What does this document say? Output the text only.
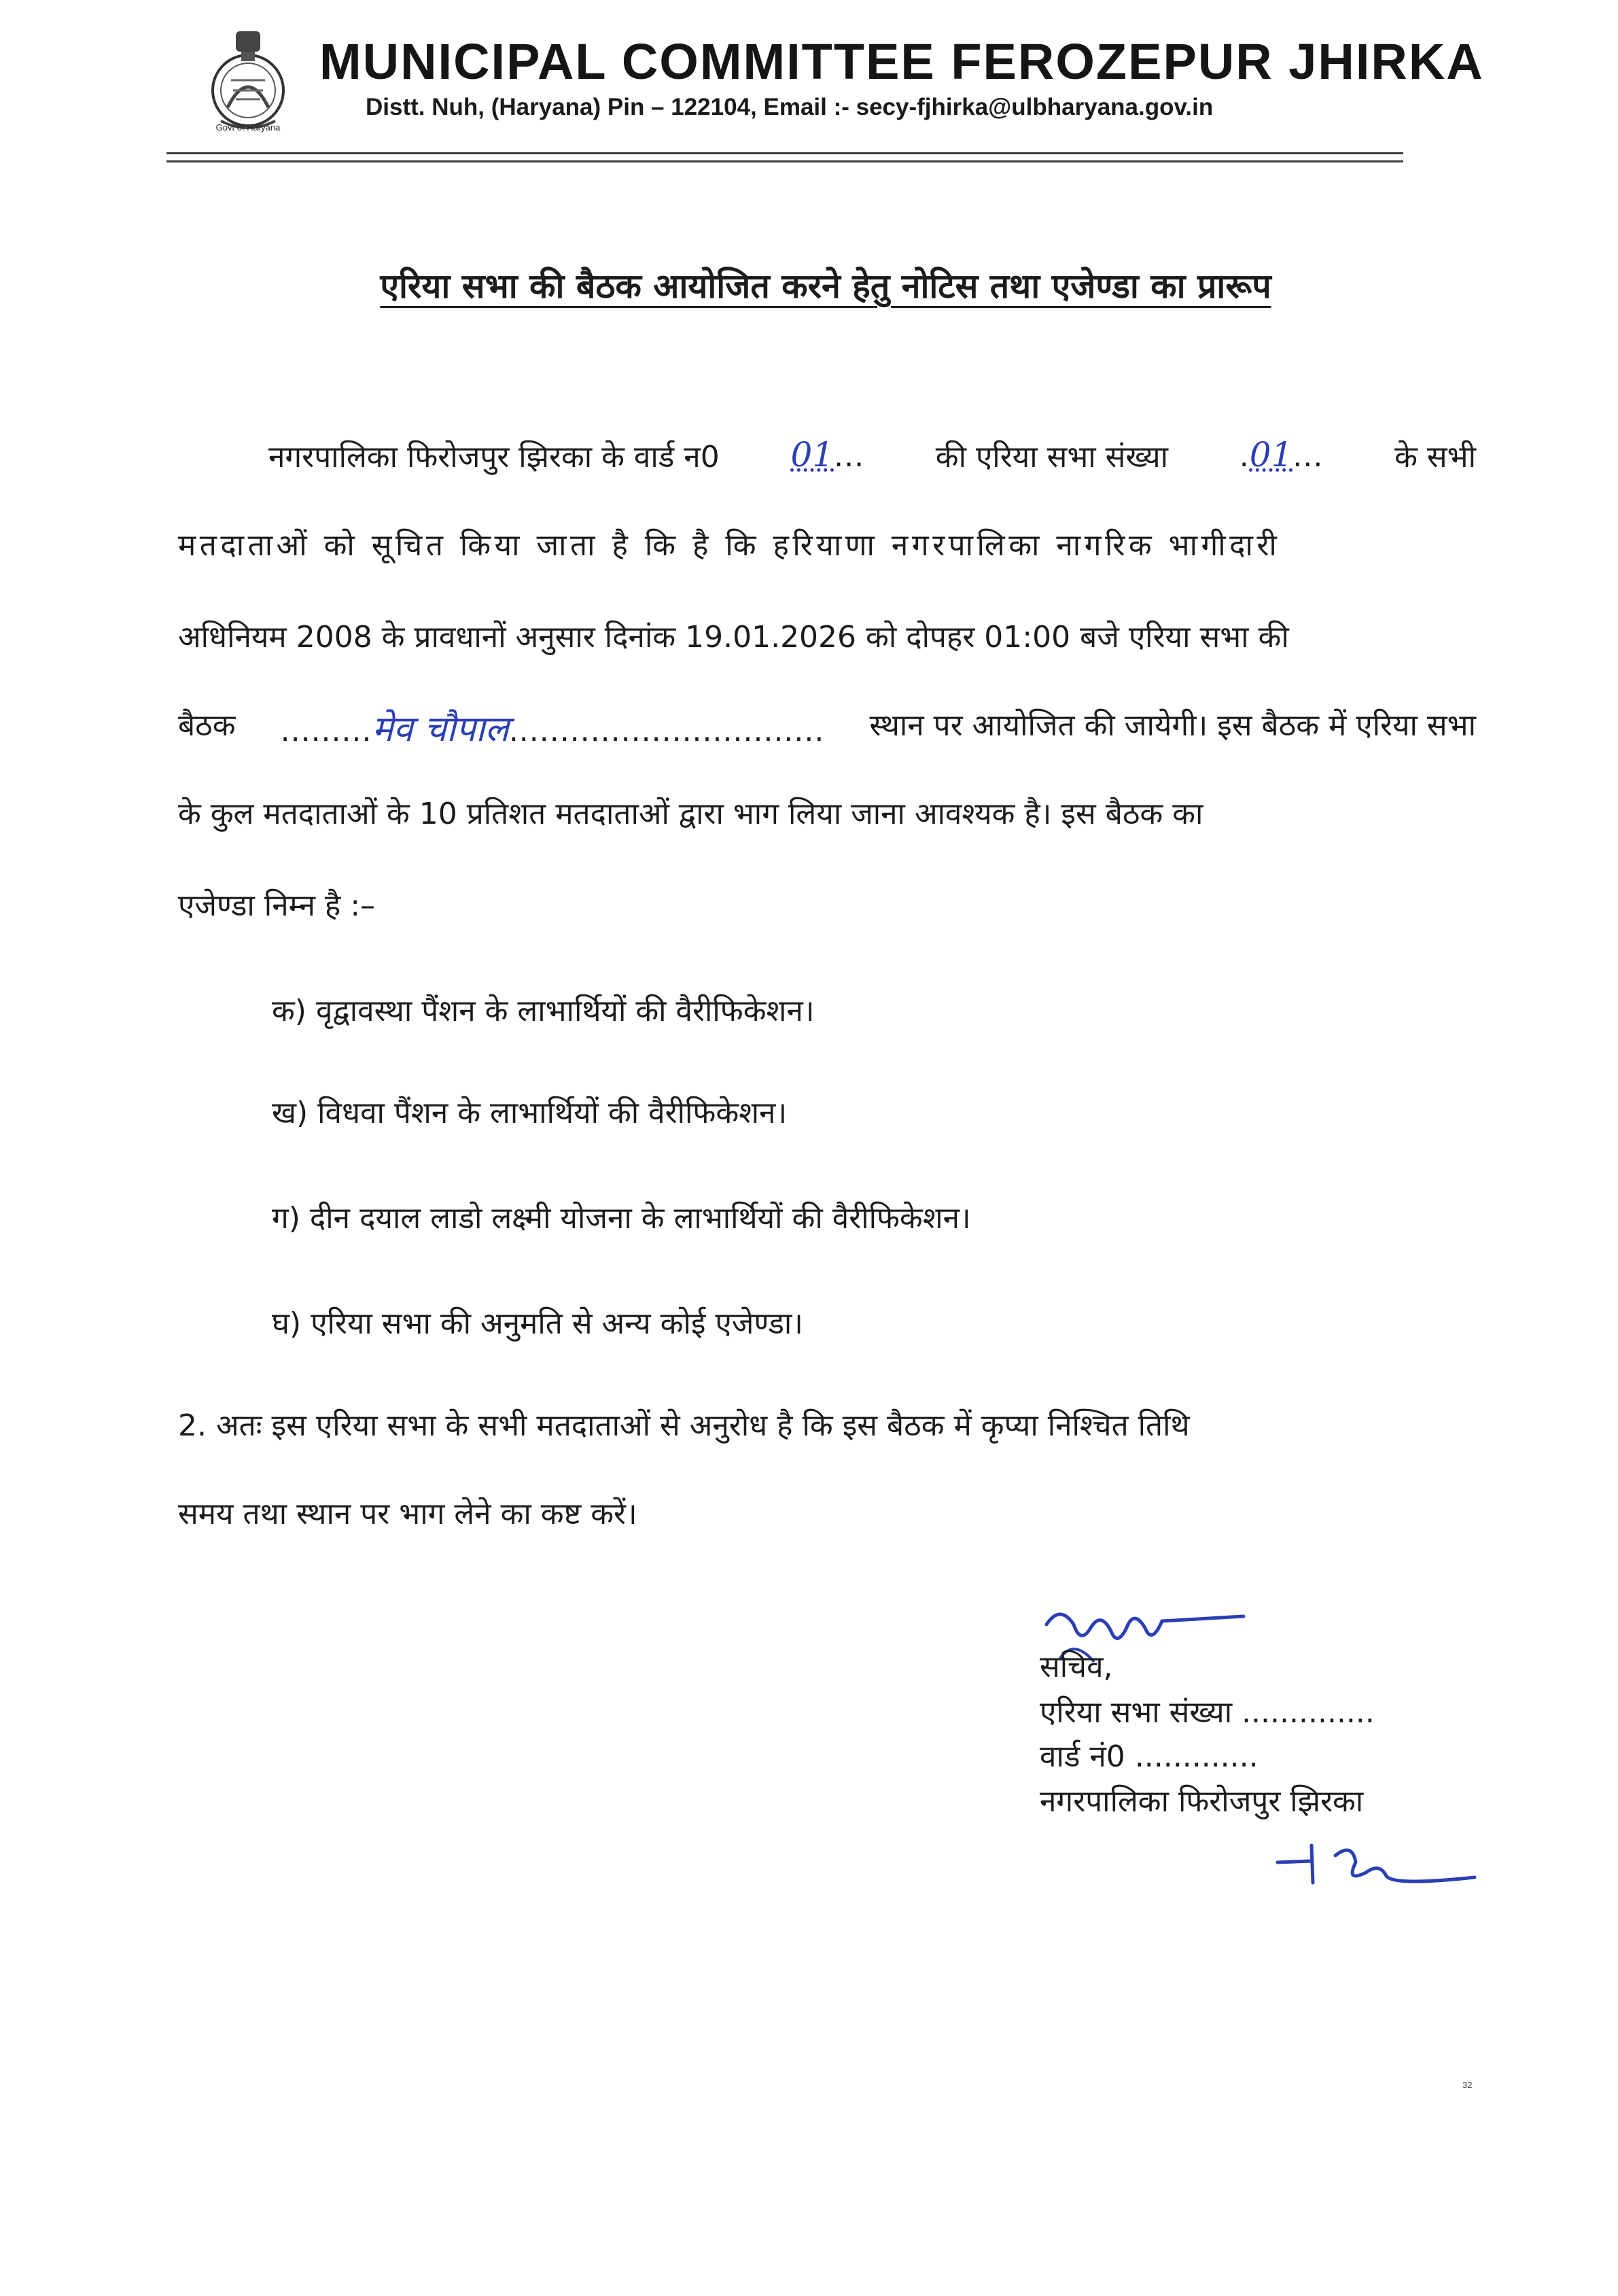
Govt of Haryana
MUNICIPAL COMMITTEE FEROZEPUR JHIRKA
Distt. Nuh, (Haryana) Pin – 122104, Email :- secy-fjhirka@ulbharyana.gov.in
एरिया सभा की बैठक आयोजित करने हेतु नोटिस तथा एजेण्डा का प्रारूप
नगरपालिका फिरोजपुर झिरका के वार्ड न0 01... की एरिया सभा संख्या .01... के सभी
मतदाताओं को सूचित किया जाता है कि है कि हरियाणा नगरपालिका नागरिक भागीदारी
अधिनियम 2008 के प्रावधानों अनुसार दिनांक 19.01.2026 को दोपहर 01:00 बजे एरिया सभा की
बैठक .........मेव चौपाल............................... स्थान पर आयोजित की जायेगी। इस बैठक में एरिया सभा
के कुल मतदाताओं के 10 प्रतिशत मतदाताओं द्वारा भाग लिया जाना आवश्यक है। इस बैठक का
एजेण्डा निम्न है :–
क) वृद्वावस्था पैंशन के लाभार्थियों की वैरीफिकेशन।
ख) विधवा पैंशन के लाभार्थियों की वैरीफिकेशन।
ग) दीन दयाल लाडो लक्ष्मी योजना के लाभार्थियों की वैरीफिकेशन।
घ) एरिया सभा की अनुमति से अन्य कोई एजेण्डा।
2. अतः इस एरिया सभा के सभी मतदाताओं से अनुरोध है कि इस बैठक में कृप्या निश्चित तिथि
समय तथा स्थान पर भाग लेने का कष्ट करें।
सचिव,
एरिया सभा संख्या ..............
वार्ड नं0 .............
नगरपालिका फिरोजपुर झिरका
32
